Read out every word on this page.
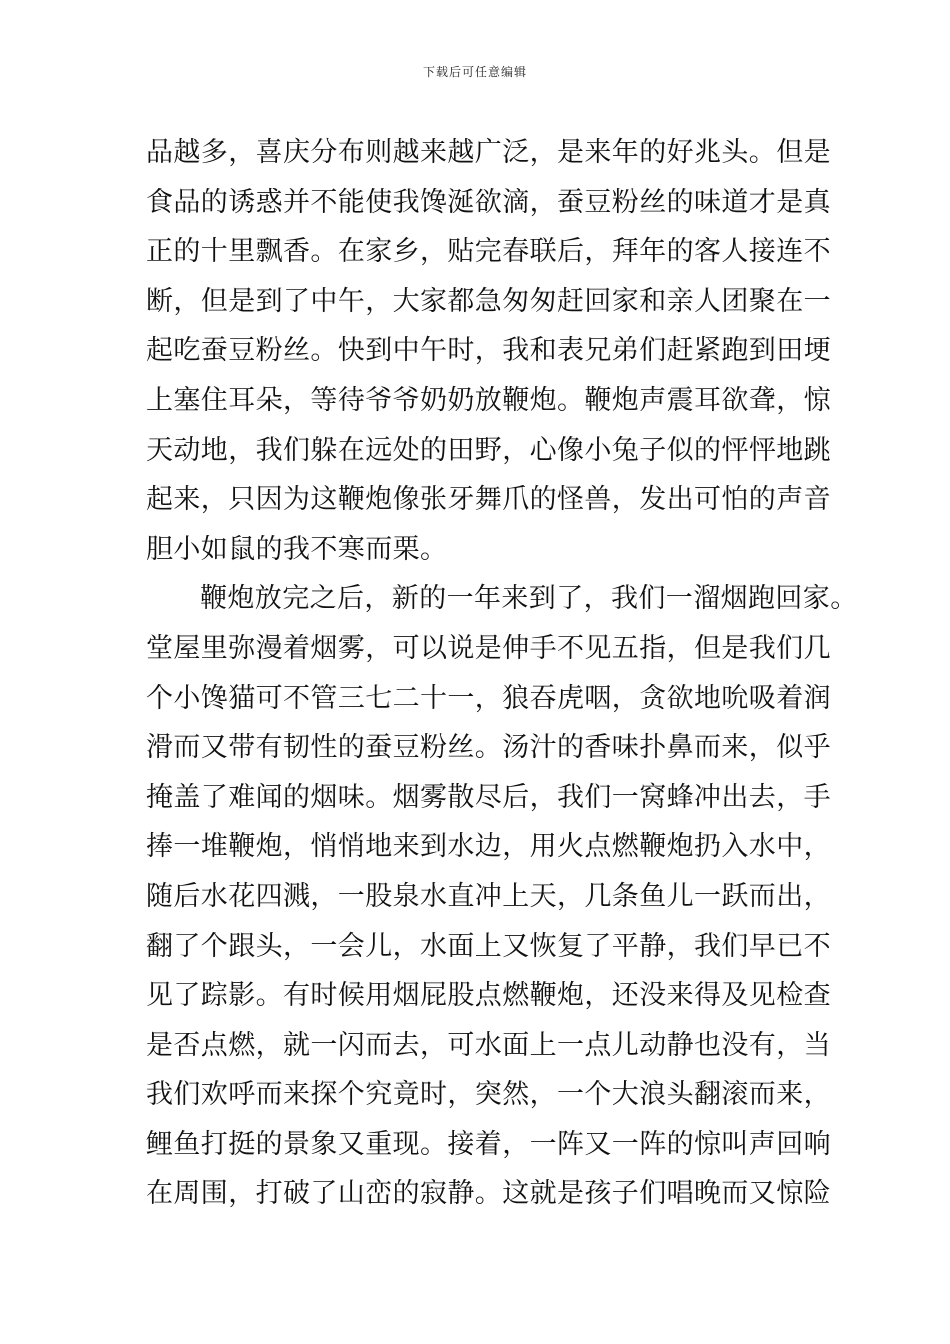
下载后可任意编辑
品越多，喜庆分布则越来越广泛，是来年的好兆头。但是
食品的诱惑并不能使我馋涎欲滴，蚕豆粉丝的味道才是真
正的十里飘香。在家乡，贴完春联后，拜年的客人接连不
断，但是到了中午，大家都急匆匆赶回家和亲人团聚在一
起吃蚕豆粉丝。快到中午时，我和表兄弟们赶紧跑到田埂
上塞住耳朵，等待爷爷奶奶放鞭炮。鞭炮声震耳欲聋，惊
天动地，我们躲在远处的田野，心像小兔子似的怦怦地跳
起来，只因为这鞭炮像张牙舞爪的怪兽，发出可怕的声音
胆小如鼠的我不寒而栗。
鞭炮放完之后，新的一年来到了，我们一溜烟跑回家。
堂屋里弥漫着烟雾，可以说是伸手不见五指，但是我们几
个小馋猫可不管三七二十一，狼吞虎咽，贪欲地吮吸着润
滑而又带有韧性的蚕豆粉丝。汤汁的香味扑鼻而来，似乎
掩盖了难闻的烟味。烟雾散尽后，我们一窝蜂冲出去，手
捧一堆鞭炮，悄悄地来到水边，用火点燃鞭炮扔入水中，
随后水花四溅，一股泉水直冲上天，几条鱼儿一跃而出，
翻了个跟头，一会儿，水面上又恢复了平静，我们早已不
见了踪影。有时候用烟屁股点燃鞭炮，还没来得及见检查
是否点燃，就一闪而去，可水面上一点儿动静也没有，当
我们欢呼而来探个究竟时，突然，一个大浪头翻滚而来，
鲤鱼打挺的景象又重现。接着，一阵又一阵的惊叫声回响
在周围，打破了山峦的寂静。这就是孩子们唱晚而又惊险
